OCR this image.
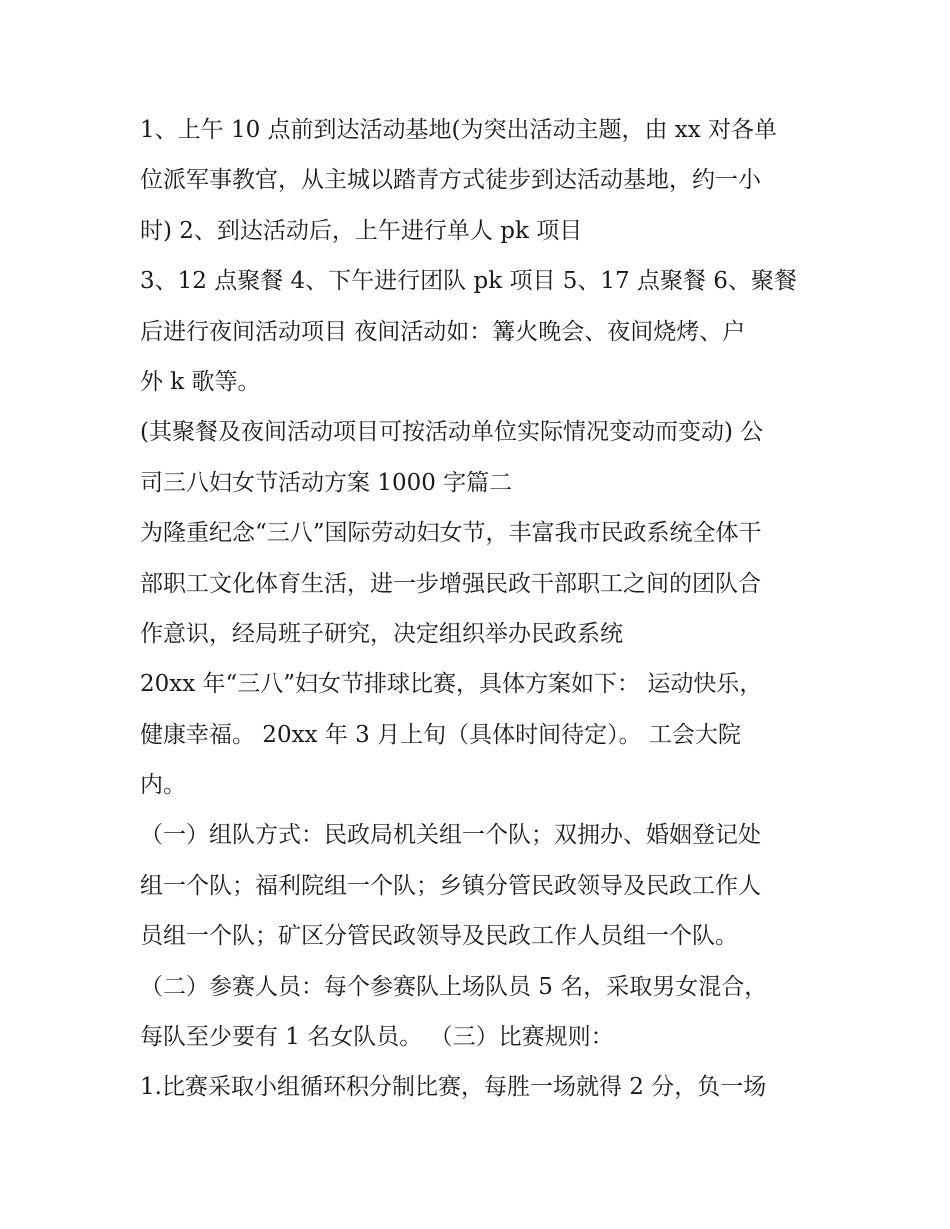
1、上午 10 点前到达活动基地(为突出活动主题，由 xx 对各单
位派军事教官，从主城以踏青方式徒步到达活动基地，约一小
时) 2、到达活动后，上午进行单人 pk 项目
3、12 点聚餐 4、下午进行团队 pk 项目 5、17 点聚餐 6、聚餐
后进行夜间活动项目 夜间活动如：篝火晚会、夜间烧烤、户
外 k 歌等。
(其聚餐及夜间活动项目可按活动单位实际情况变动而变动) 公
司三八妇女节活动方案 1000 字篇二
为隆重纪念“三八”国际劳动妇女节，丰富我市民政系统全体干
部职工文化体育生活，进一步增强民政干部职工之间的团队合
作意识，经局班子研究，决定组织举办民政系统
20xx 年“三八”妇女节排球比赛，具体方案如下： 运动快乐，
健康幸福。 20xx 年 3 月上旬（具体时间待定）。 工会大院
内。
（一）组队方式：民政局机关组一个队；双拥办、婚姻登记处
组一个队；福利院组一个队；乡镇分管民政领导及民政工作人
员组一个队；矿区分管民政领导及民政工作人员组一个队。
（二）参赛人员：每个参赛队上场队员 5 名，采取男女混合，
每队至少要有 1 名女队员。 （三）比赛规则：
1.比赛采取小组循环积分制比赛，每胜一场就得 2 分，负一场
